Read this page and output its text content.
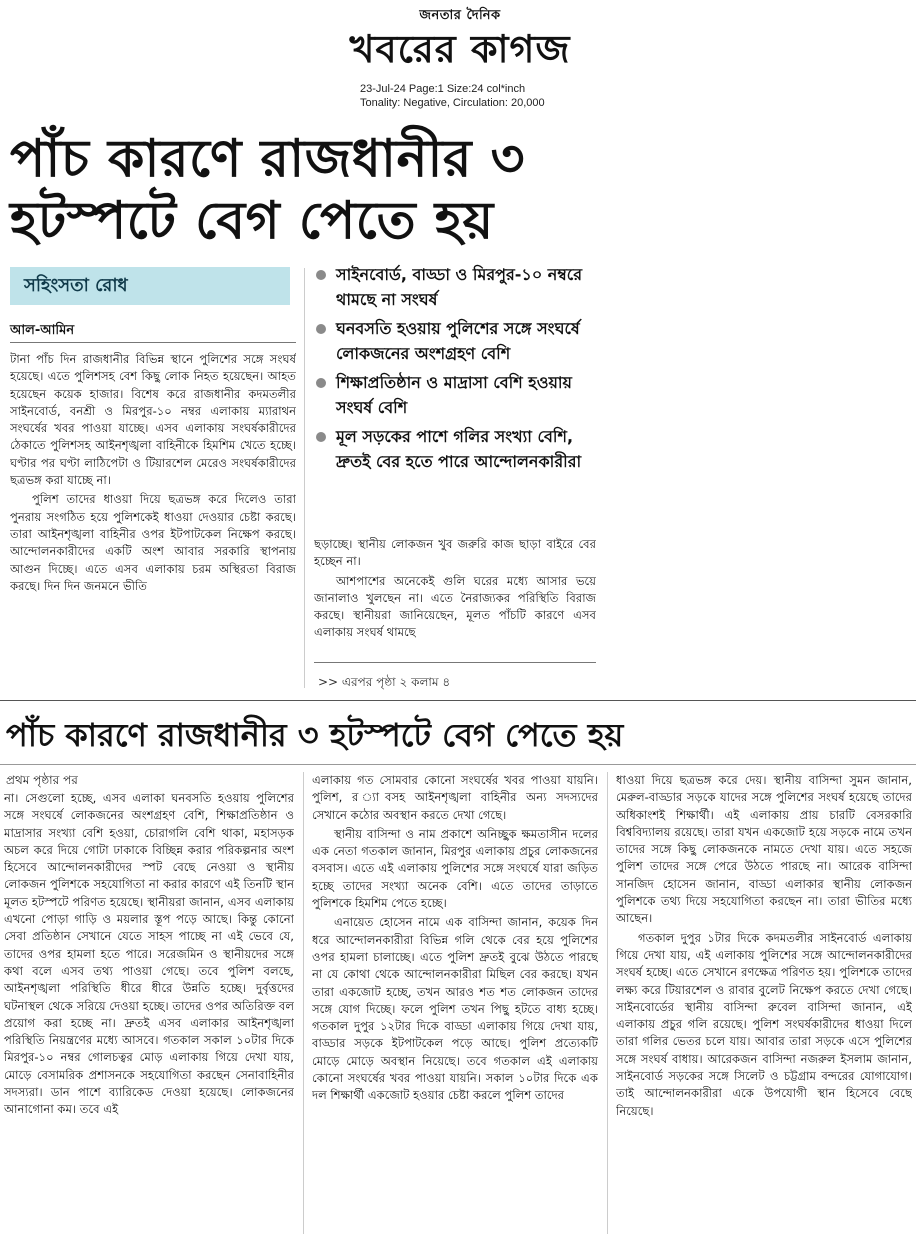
জনতার দৈনিক
খবরের কাগজ
23-Jul-24 Page:1 Size:24 col*inch
Tonality: Negative, Circulation: 20,000
পাঁচ কারণে রাজধানীর ৩ হটস্পটে বেগ পেতে হয়
সহিংসতা রোধ
আল-আমিন

টানা পাঁচ দিন রাজধানীর বিভিন্ন স্থানে পুলিশের সঙ্গে সংঘর্ষ হয়েছে। এতে পুলিশসহ বেশ কিছু লোক নিহত হয়েছেন। আহত হয়েছেন কয়েক হাজার। বিশেষ করে রাজধানীর কদমতলীর সাইনবোর্ড, বনশ্রী ও মিরপুর-১০ নম্বর এলাকায় ম্যারাথন সংঘর্ষের খবর পাওয়া যাচ্ছে। এসব এলাকায় সংঘর্ষকারীদের ঠেকাতে পুলিশসহ আইনশৃঙ্খলা বাহিনীকে হিমশিম খেতে হচ্ছে। ঘণ্টার পর ঘণ্টা লাঠিপেটা ও টিয়ারশেল মেরেও সংঘর্ষকারীদের ছত্রভঙ্গ করা যাচ্ছে না।

পুলিশ তাদের ধাওয়া দিয়ে ছত্রভঙ্গ করে দিলেও তারা পুনরায় সংগঠিত হয়ে পুলিশকেই ধাওয়া দেওয়ার চেষ্টা করছে। তারা আইনশৃঙ্খলা বাহিনীর ওপর ইটপাটকেল নিক্ষেপ করছে। আন্দোলনকারীদের একটি অংশ আবার সরকারি স্থাপনায় আগুন দিচ্ছে। এতে এসব এলাকায় চরম অস্থিরতা বিরাজ করছে। দিন দিন জনমনে ভীতি

সাইনবোর্ড, বাড্ডা ও মিরপুর-১০ নম্বরে থামছে না সংঘর্ষ
ঘনবসতি হওয়ায় পুলিশের সঙ্গে সংঘর্ষে লোকজনের অংশগ্রহণ বেশি
শিক্ষাপ্রতিষ্ঠান ও মাদ্রাসা বেশি হওয়ায় সংঘর্ষ বেশি
মূল সড়কের পাশে গলির সংখ্যা বেশি, দ্রুতই বের হতে পারে আন্দোলনকারীরা

ছড়াচ্ছে। স্থানীয় লোকজন খুব জরুরি কাজ ছাড়া বাইরে বের হচ্ছেন না।

আশপাশের অনেকেই গুলি ঘরের মধ্যে আসার ভয়ে জানালাও খুলছেন না। এতে নৈরাজ্যকর পরিস্থিতি বিরাজ করছে। স্থানীয়রা জানিয়েছেন, মূলত পাঁচটি কারণে এসব এলাকায় সংঘর্ষ থামছে

>> এরপর পৃষ্ঠা ২ কলাম ৪
পাঁচ কারণে রাজধানীর ৩ হটস্পটে বেগ পেতে হয়
প্রথম পৃষ্ঠার পর

না। সেগুলো হচ্ছে, এসব এলাকা ঘনবসতি হওয়ায় পুলিশের সঙ্গে সংঘর্ষে লোকজনের অংশগ্রহণ বেশি, শিক্ষাপ্রতিষ্ঠান ও মাদ্রাসার সংখ্যা বেশি হওয়া, চোরাগলি বেশি থাকা, মহাসড়ক অচল করে দিয়ে গোটা ঢাকাকে বিচ্ছিন্ন করার পরিকল্পনার অংশ হিসেবে আন্দোলনকারীদের স্পট বেছে নেওয়া ও স্থানীয় লোকজন পুলিশকে সহযোগিতা না করার কারণে এই তিনটি স্থান মূলত হটস্পটে পরিণত হয়েছে। স্থানীয়রা জানান, এসব এলাকায় এখনো পোড়া গাড়ি ও ময়লার স্তূপ পড়ে আছে। কিন্তু কোনো সেবা প্রতিষ্ঠান সেখানে যেতে সাহস পাচ্ছে না এই ভেবে যে, তাদের ওপর হামলা হতে পারে। সরেজমিন ও স্থানীয়দের সঙ্গে কথা বলে এসব তথ্য পাওয়া গেছে। তবে পুলিশ বলছে, আইনশৃঙ্খলা পরিস্থিতি ধীরে ধীরে উন্নতি হচ্ছে। দুর্বৃত্তদের ঘটনাস্থল থেকে সরিয়ে দেওয়া হচ্ছে। তাদের ওপর অতিরিক্ত বল প্রয়োগ করা হচ্ছে না। দ্রুতই এসব এলাকার আইনশৃঙ্খলা পরিস্থিতি নিয়ন্ত্রণের মধ্যে আসবে। গতকাল সকাল ১০টার দিকে মিরপুর-১০ নম্বর গোলচত্বর মোড় এলাকায় গিয়ে দেখা যায়, মোড়ে বেসামরিক প্রশাসনকে সহযোগিতা করছেন সেনাবাহিনীর সদস্যরা। ডান পাশে ব্যারিকেড দেওয়া হয়েছে। লোকজনের আনাগোনা কম। তবে এই

এলাকায় গত সোমবার কোনো সংঘর্ষের খবর পাওয়া যায়নি। পুলিশ, র ্যাবসহ আইনশৃঙ্খলা বাহিনীর অন্য সদস্যদের সেখানে কঠোর অবস্থান করতে দেখা গেছে।

স্থানীয় বাসিন্দা ও নাম প্রকাশে অনিচ্ছুক ক্ষমতাসীন দলের এক নেতা গতকাল জানান, মিরপুর এলাকায় প্রচুর লোকজনের বসবাস। এতে এই এলাকায় পুলিশের সঙ্গে সংঘর্ষে যারা জড়িত হচ্ছে তাদের সংখ্যা অনেক বেশি। এতে তাদের তাড়াতে পুলিশকে হিমশিম পেতে হচ্ছে।

এনায়েত হোসেন নামে এক বাসিন্দা জানান, কয়েক দিন ধরে আন্দোলনকারীরা বিভিন্ন গলি থেকে বের হয়ে পুলিশের ওপর হামলা চালাচ্ছে। এতে পুলিশ দ্রুতই বুঝে উঠতে পারছে না যে কোথা থেকে আন্দোলনকারীরা মিছিল বের করছে। যখন তারা একজোট হচ্ছে, তখন আরও শত শত লোকজন তাদের সঙ্গে যোগ দিচ্ছে। ফলে পুলিশ তখন পিছু হটতে বাধ্য হচ্ছে। গতকাল দুপুর ১২টার দিকে বাড্ডা এলাকায় গিয়ে দেখা যায়, বাড্ডার সড়কে ইটপাটকেল পড়ে আছে। পুলিশ প্রত্যেকটি মোড়ে মোড়ে অবস্থান নিয়েছে। তবে গতকাল এই এলাকায় কোনো সংঘর্ষের খবর পাওয়া যায়নি। সকাল ১০টার দিকে এক দল শিক্ষার্থী একজোট হওয়ার চেষ্টা করলে পুলিশ তাদের

ধাওয়া দিয়ে ছত্রভঙ্গ করে দেয়। স্থানীয় বাসিন্দা সুমন জানান, মেরুল-বাড্ডার সড়কে যাদের সঙ্গে পুলিশের সংঘর্ষ হয়েছে তাদের অধিকাংশই শিক্ষার্থী। এই এলাকায় প্রায় চারটি বেসরকারি বিশ্ববিদ্যালয় রয়েছে। তারা যখন একজোট হয়ে সড়কে নামে তখন তাদের সঙ্গে কিছু লোকজনকে নামতে দেখা যায়। এতে সহজে পুলিশ তাদের সঙ্গে পেরে উঠতে পারছে না। আরেক বাসিন্দা সানজিদ হোসেন জানান, বাড্ডা এলাকার স্থানীয় লোকজন পুলিশকে তথ্য দিয়ে সহযোগিতা করছেন না। তারা ভীতির মধ্যে আছেন।

গতকাল দুপুর ১টার দিকে কদমতলীর সাইনবোর্ড এলাকায় গিয়ে দেখা যায়, এই এলাকায় পুলিশের সঙ্গে আন্দোলনকারীদের সংঘর্ষ হচ্ছে। এতে সেখানে রণক্ষেত্র পরিণত হয়। পুলিশকে তাদের লক্ষ্য করে টিয়ারশেল ও রাবার বুলেট নিক্ষেপ করতে দেখা গেছে। সাইনবোর্ডের স্থানীয় বাসিন্দা রুবেল বাসিন্দা জানান, এই এলাকায় প্রচুর গলি রয়েছে। পুলিশ সংঘর্ষকারীদের ধাওয়া দিলে তারা গলির ভেতর চলে যায়। আবার তারা সড়কে এসে পুলিশের সঙ্গে সংঘর্ষ বাধায়। আরেকজন বাসিন্দা নজরুল ইসলাম জানান, সাইনবোর্ড সড়কের সঙ্গে সিলেট ও চট্টগ্রাম বন্দরের যোগাযোগ। তাই আন্দোলনকারীরা একে উপযোগী স্থান হিসেবে বেছে নিয়েছে।
